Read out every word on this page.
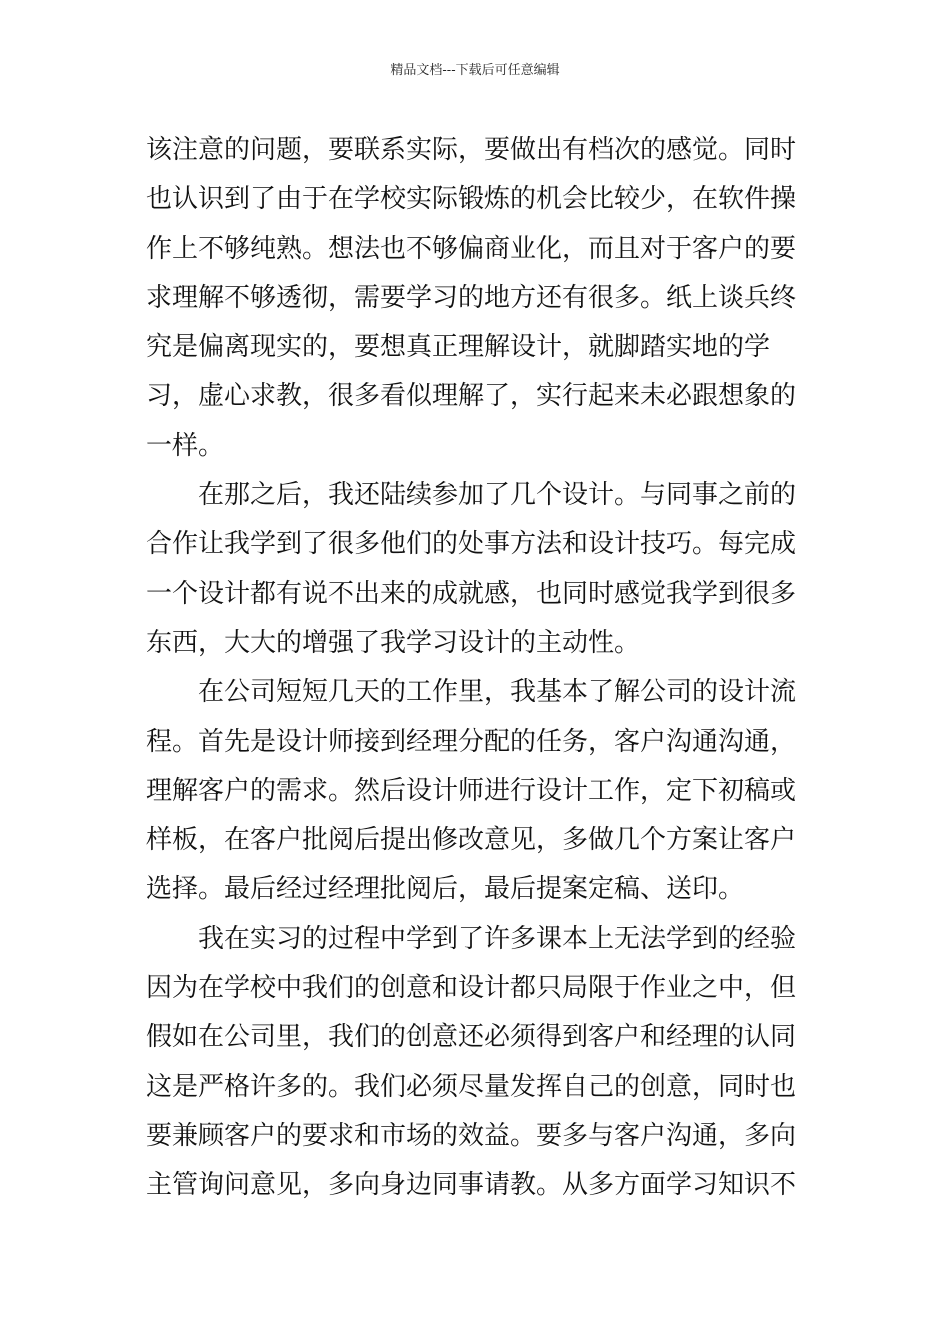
精品文档---下载后可任意编辑
该注意的问题，要联系实际，要做出有档次的感觉。同时
也认识到了由于在学校实际锻炼的机会比较少，在软件操
作上不够纯熟。想法也不够偏商业化，而且对于客户的要
求理解不够透彻，需要学习的地方还有很多。纸上谈兵终
究是偏离现实的，要想真正理解设计，就脚踏实地的学
习，虚心求教，很多看似理解了，实行起来未必跟想象的
一样。
在那之后，我还陆续参加了几个设计。与同事之前的
合作让我学到了很多他们的处事方法和设计技巧。每完成
一个设计都有说不出来的成就感，也同时感觉我学到很多
东西，大大的增强了我学习设计的主动性。
在公司短短几天的工作里，我基本了解公司的设计流
程。首先是设计师接到经理分配的任务，客户沟通沟通，
理解客户的需求。然后设计师进行设计工作，定下初稿或
样板，在客户批阅后提出修改意见，多做几个方案让客户
选择。最后经过经理批阅后，最后提案定稿、送印。
我在实习的过程中学到了许多课本上无法学到的经验
因为在学校中我们的创意和设计都只局限于作业之中，但
假如在公司里，我们的创意还必须得到客户和经理的认同
这是严格许多的。我们必须尽量发挥自己的创意，同时也
要兼顾客户的要求和市场的效益。要多与客户沟通，多向
主管询问意见，多向身边同事请教。从多方面学习知识不
